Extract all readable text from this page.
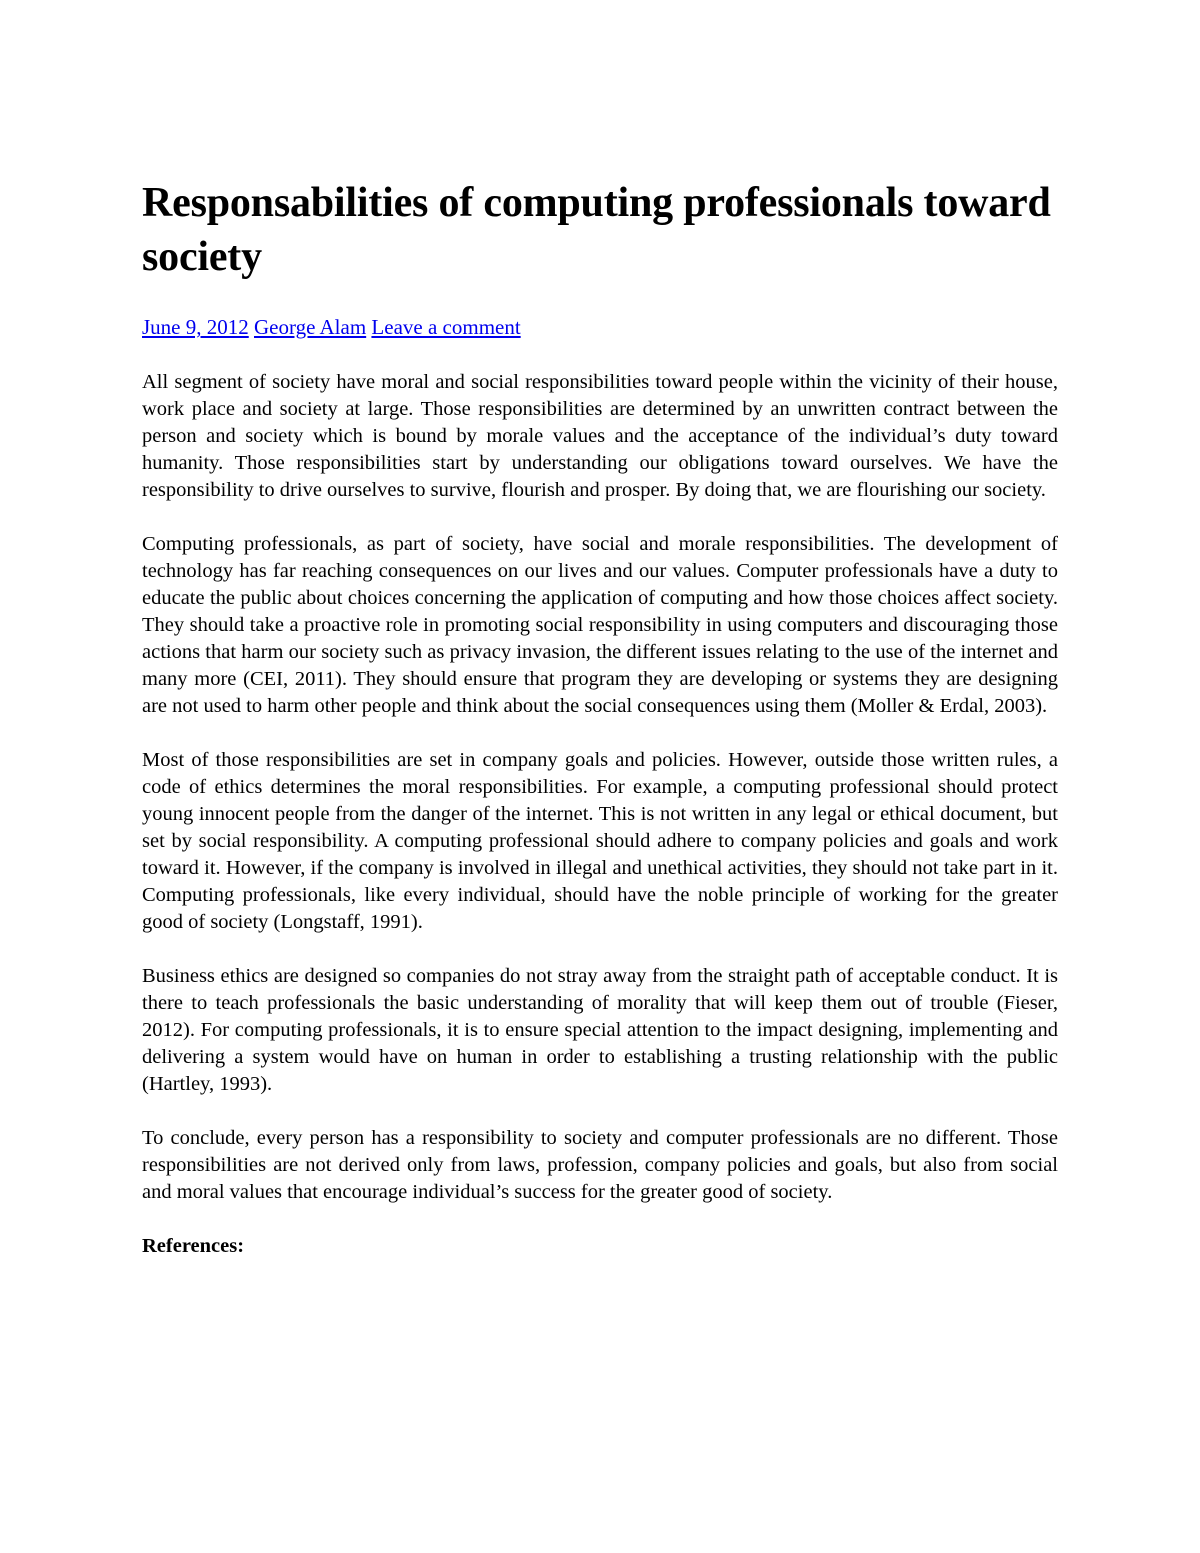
Responsabilities of computing professionals toward society
June 9, 2012 George Alam Leave a comment

All segment of society have moral and social responsibilities toward people within the vicinity of their house, work place and society at large. Those responsibilities are determined by an unwritten contract between the person and society which is bound by morale values and the acceptance of the individual’s duty toward humanity. Those responsibilities start by understanding our obligations toward ourselves. We have the responsibility to drive ourselves to survive, flourish and prosper. By doing that, we are flourishing our society.

Computing professionals, as part of society, have social and morale responsibilities. The development of technology has far reaching consequences on our lives and our values. Computer professionals have a duty to educate the public about choices concerning the application of computing and how those choices affect society. They should take a proactive role in promoting social responsibility in using computers and discouraging those actions that harm our society such as privacy invasion, the different issues relating to the use of the internet and many more (CEI, 2011). They should ensure that program they are developing or systems they are designing are not used to harm other people and think about the social consequences using them (Moller & Erdal, 2003).

Most of those responsibilities are set in company goals and policies. However, outside those written rules, a code of ethics determines the moral responsibilities. For example, a computing professional should protect young innocent people from the danger of the internet. This is not written in any legal or ethical document, but set by social responsibility. A computing professional should adhere to company policies and goals and work toward it. However, if the company is involved in illegal and unethical activities, they should not take part in it. Computing professionals, like every individual, should have the noble principle of working for the greater good of society (Longstaff, 1991).

Business ethics are designed so companies do not stray away from the straight path of acceptable conduct. It is there to teach professionals the basic understanding of morality that will keep them out of trouble (Fieser, 2012). For computing professionals, it is to ensure special attention to the impact designing, implementing and delivering a system would have on human in order to establishing a trusting relationship with the public (Hartley, 1993).

To conclude, every person has a responsibility to society and computer professionals are no different. Those responsibilities are not derived only from laws, profession, company policies and goals, but also from social and moral values that encourage individual’s success for the greater good of society.

References:
